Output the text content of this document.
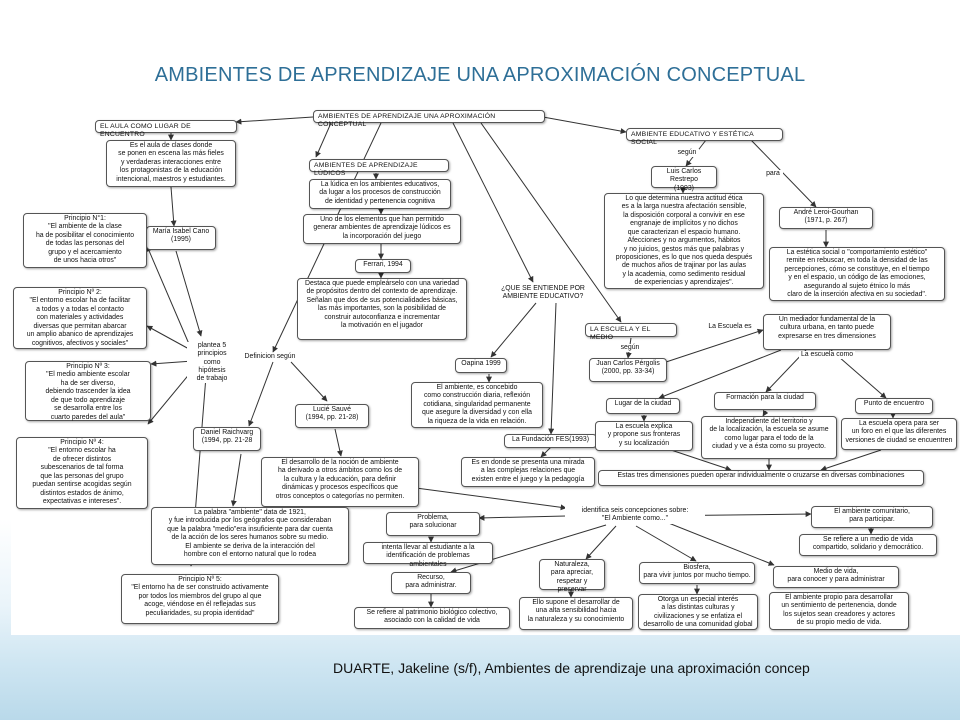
AMBIENTES DE APRENDIZAJE UNA APROXIMACIÓN CONCEPTUAL
AMBIENTES DE APRENDIZAJE UNA APROXIMACIÓN CONCEPTUAL
EL AULA COMO LUGAR DE ENCUENTRO
Es el aula de clases donde
se ponen en escena las más fieles
y verdaderas interacciones entre
los protagonistas de la educación
intencional, maestros y estudiantes.
María Isabel Cano
(1995)
Principio N°1:
"El ambiente de la clase
ha de posibilitar el conocimiento
de todas las personas del
grupo y el acercamiento
de unos hacia otros"
Principio Nº 2:
"El entorno escolar ha de facilitar
a todos y a todas el contacto
con materiales y actividades
diversas que permitan abarcar
un amplio abanico de aprendizajes
cognitivos, afectivos y sociales"	plantea 5
principios
como
hipótesis
de trabajo
Principio Nº 3:
"El medio ambiente escolar
ha de ser diverso,
debiendo trascender la idea
de que todo aprendizaje
se desarrolla entre los
cuarto paredes del aula"
Principio Nº 4:
"El entorno escolar ha
de ofrecer distintos
subescenarios de tal forma
que las personas del grupo
puedan sentirse acogidas según
distintos estados de ánimo,
expectativas e intereses".
Principio Nº 5:
"El entorno ha de ser construido activamente
por todos los miembros del grupo al que
acoge, viéndose en él reflejadas sus
peculiaridades, su propia identidad"
AMBIENTES DE APRENDIZAJE LÚDICOS
La lúdica en los ambientes educativos,
da lugar a los procesos de construcción
de identidad y pertenencia cognitiva
Uno de los elementos que han permitido
generar ambientes de aprendizaje lúdicos es
la incorporación del juego
Ferrari, 1994
Destaca que puede empleárselo con una variedad
de propósitos dentro del contexto de aprendizaje.
Señalan que dos de sus potencialidades básicas,
las más importantes, son la posibilidad de
construir autoconfianza e incrementar
la motivación en el jugador
Definicion según
Lucié Sauvé
(1994, pp. 21-28)
Daniel Raichvarg
(1994, pp. 21-28
El desarrollo de la noción de ambiente
ha derivado a otros ámbitos como los de
la cultura y la educación, para definir
dinámicas y procesos específicos que
otros conceptos o categorías no permiten.
La palabra "ambiente" data de 1921,
y fue introducida por los geógrafos que consideraban
que la palabra "medio"era insuficiente para dar cuenta
de la acción de los seres humanos sobre su medio.
El ambiente se deriva de la interacción del
hombre con el entorno natural que lo rodea
identifica seis concepciones sobre:
"El Ambiente como..."
Problema,
para solucionar
intenta llevar al estudiante a la
identificación de problemas ambientales
Recurso,
para administrar.
Se refiere al patrimonio biológico colectivo,
asociado con la calidad de vida
Naturaleza,
para apreciar,
respetar y preservar
Ello supone el desarrollar de
una alta sensibilidad hacia
la naturaleza y su conocimiento
Biosfera,
para vivir juntos por mucho tiempo.
Otorga un especial interés
a las distintas culturas y
civilizaciones y se enfatiza el
desarrollo de una comunidad global
Medio de vida,
para conocer y para administrar
El ambiente propio para desarrollar
un sentimiento de pertenencia, donde
los sujetos sean creadores y actores
de su propio medio de vida.
El ambiente comunitario,
para participar.
Se refiere a un medio de vida
compartido, solidario y democrático.
AMBIENTE EDUCATIVO Y ESTÉTICA SOCIAL
según
para
Luis Carlos Restrepo
(1993)
Lo que determina nuestra actitud ética
es a la larga nuestra afectación sensible,
la disposición corporal a convivir en ese
engranaje de implícitos y no dichos
que caracterizan el espacio humano.
Afecciones y no argumentos, hábitos
y no juicios, gestos más que palabras y
proposiciones, es lo que nos queda después
de muchos años de trajinar por las aulas
y la academia, como sedimento residual
de experiencias y aprendizajes".
André Leroi-Gourhan
(1971, p. 267)
La estética social o "comportamiento estético"
remite en rebuscar, en toda la densidad de las
percepciones, cómo se constituye, en el tiempo
y en el espacio, un código de las emociones,
asegurando al sujeto étnico lo más
claro de la inserción afectiva en su sociedad".
¿QUE SE ENTIENDE POR
AMBIENTE EDUCATIVO?
Oapina 1999
El ambiente, es concebido
como construcción diaria, reflexión
cotidiana, singularidad permanente
que asegure la diversidad y con ella
la riqueza de la vida en relación.
La Fundación FES(1993)
Es en donde se presenta una mirada
a las complejas relaciones que
existen entre el juego y la pedagogía
LA ESCUELA Y EL MEDIO
según
Juan Carlos Pérgolis
(2000, pp. 33-34)
La Escuela es
Un mediador fundamental de la
cultura urbana, en tanto puede
expresarse en tres dimensiones
La escuela como
Lugar de la ciudad
La escuela explica
y propone sus fronteras
y su localización
Formación para la ciudad
Independiente del territorio y
de la localización, la escuela se asume
como lugar para el todo de la
ciudad y ve a ésta como su proyecto.
Punto de encuentro
La escuela opera para ser
un foro en el que las diferentes
versiones de ciudad se encuentren
Estas tres dimensiones pueden operar individualmente o cruzarse en diversas combinaciones
DUARTE, Jakeline (s/f), Ambientes de aprendizaje una aproximación concep
